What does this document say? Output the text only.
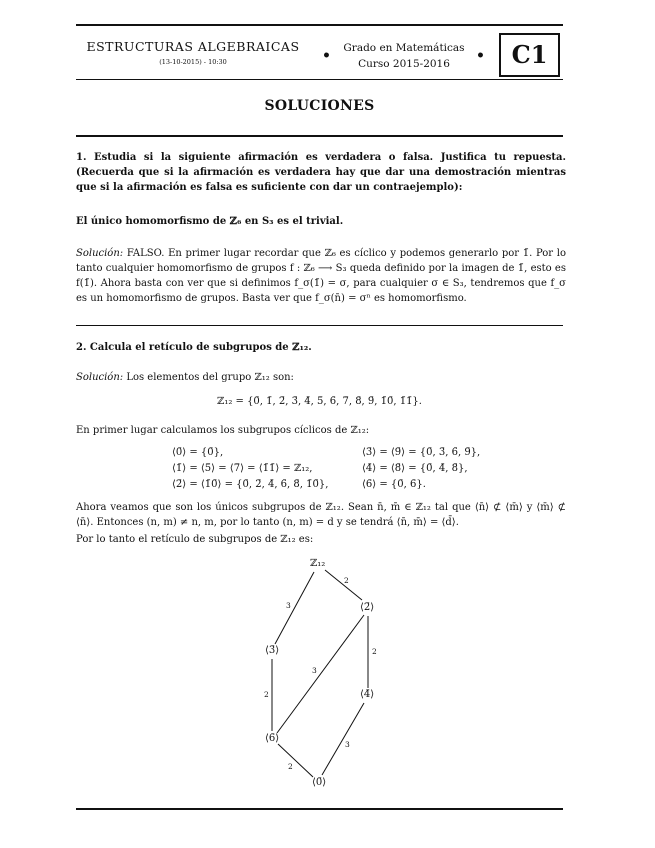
ESTRUCTURAS ALGEBRAICAS
(13-10-2015) - 10:30	•	Grado en Matemáticas
Curso 2015-2016	•	C1
SOLUCIONES
1. Estudia si la siguiente afirmación es verdadera o falsa. Justifica tu repuesta. (Recuerda que si la afirmación es verdadera hay que dar una demostración mientras que si la afirmación es falsa es suficiente con dar un contraejemplo):
El único homomorfismo de ℤ₆ en S₃ es el trivial.
Solución: FALSO. En primer lugar recordar que ℤ₆ es cíclico y podemos generarlo por 1̄. Por lo tanto cualquier homomorfismo de grupos f : ℤ₆ ⟶ S₃ queda definido por la imagen de 1̄, esto es f(1̄). Ahora basta con ver que si definimos f_σ(1̄) = σ, para cualquier σ ∈ S₃, tendremos que f_σ es un homomorfismo de grupos. Basta ver que f_σ(n̄) = σⁿ es homomorfismo.
2. Calcula el retículo de subgrupos de ℤ₁₂.
Solución: Los elementos del grupo ℤ₁₂ son:
ℤ₁₂ = {0̄, 1̄, 2̄, 3̄, 4̄, 5̄, 6̄, 7̄, 8̄, 9̄, 1̄0̄, 1̄1̄}.
En primer lugar calculamos los subgrupos cíclicos de ℤ₁₂:
⟨0̄⟩ = {0̄},
⟨1̄⟩ = ⟨5̄⟩ = ⟨7̄⟩ = ⟨1̄1̄⟩ = ℤ₁₂,
⟨2̄⟩ = ⟨1̄0̄⟩ = {0̄, 2̄, 4̄, 6̄, 8̄, 1̄0̄},
⟨3̄⟩ = ⟨9̄⟩ = {0̄, 3̄, 6̄, 9̄},
⟨4̄⟩ = ⟨8̄⟩ = {0̄, 4̄, 8̄},
⟨6̄⟩ = {0̄, 6̄}.
Ahora veamos que son los únicos subgrupos de ℤ₁₂. Sean n̄, m̄ ∈ ℤ₁₂ tal que ⟨n̄⟩ ⊄ ⟨m̄⟩ y ⟨m̄⟩ ⊄ ⟨n̄⟩. Entonces (n, m) ≠ n, m, por lo tanto (n, m) = d y se tendrá ⟨n̄, m̄⟩ = ⟨d̄⟩.
Por lo tanto el retículo de subgrupos de ℤ₁₂ es:
ℤ₁₂
⟨2̄⟩
⟨3̄⟩
⟨4̄⟩
⟨6̄⟩
⟨0̄⟩
2
3
2
3
2
2
3
